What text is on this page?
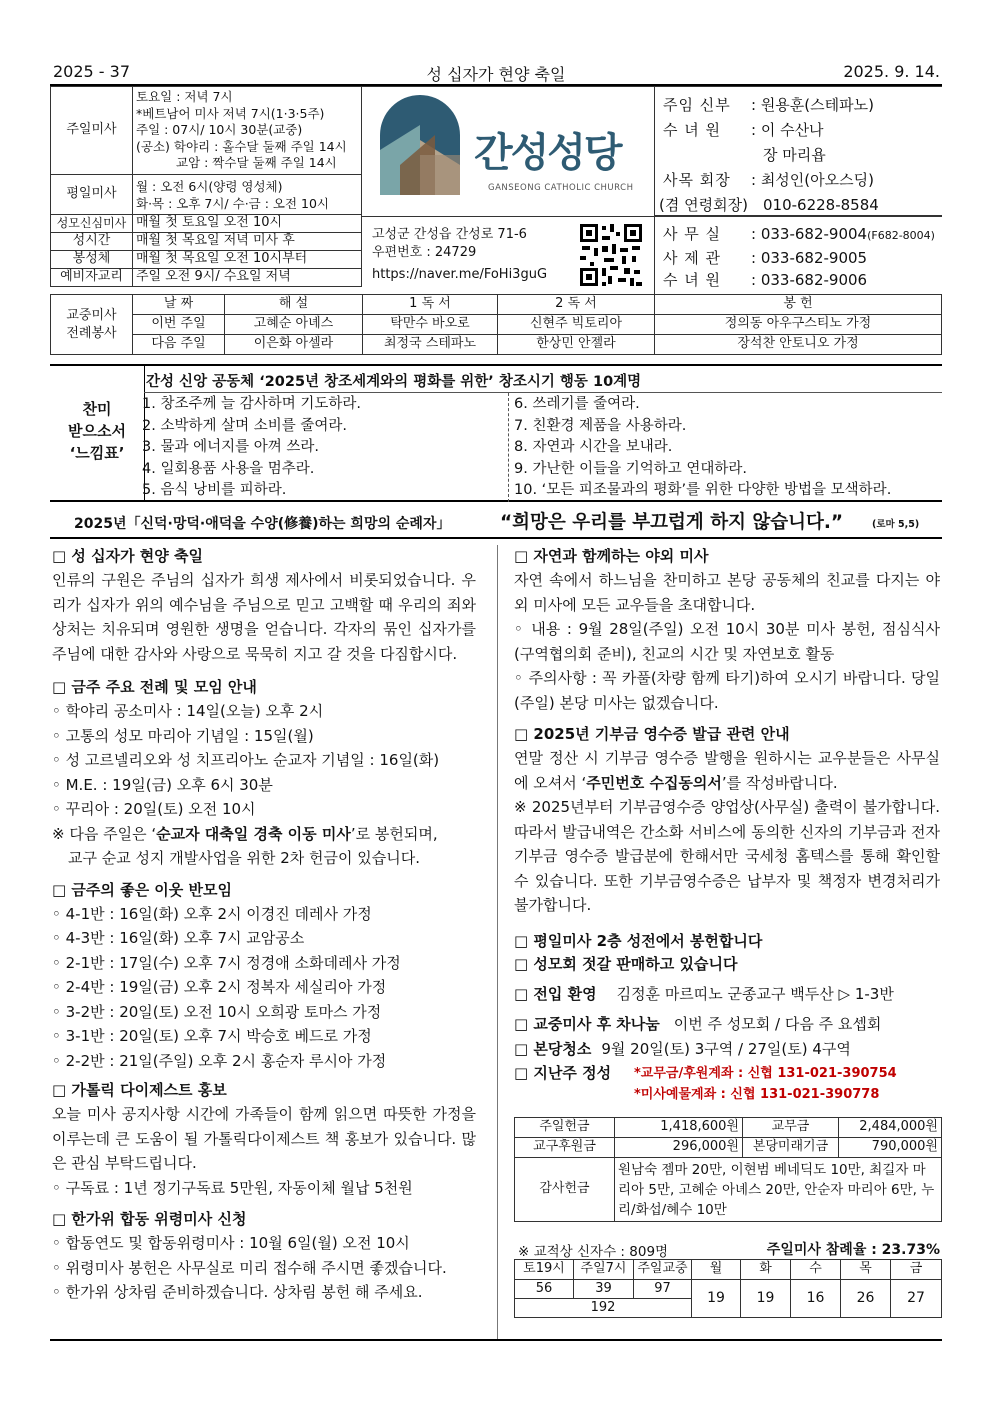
2025 - 37	성 십자가 현양 축일	2025. 9. 14.
주일미사	토요일 : 저녁 7시
*베트남어 미사 저녁 7시(1·3·5주)
주일 : 07시/ 10시 30분(교중)
(공소) 학야리 : 홀수달 둘째 주일 14시
교암 : 짝수달 둘째 주일 14시

평일미사	월 : 오전 6시(양령 영성체)
화·목 : 오후 7시/ 수·금 : 오전 10시

성모신심미사	매월 첫 토요일 오전 10시
성시간	매월 첫 목요일 저녁 미사 후
봉성체	매월 첫 목요일 오전 10시부터
예비자교리	주일 오전 9시/ 수요일 저녁
간성성당
GANSEONG CATHOLIC CHURCH
고성군 간성읍 간성로 71-6
우편번호 : 24729
https://naver.me/FoHi3guG
주임 신부 : 원용훈(스테파노)
수 녀 원 : 이 수산나
장 마리욥
사목 회장 : 최성인(아오스딩)
(겸 연령회장) 010-6228-8584
사 무 실 : 033-682-9004(F682-8004)
사 제 관 : 033-682-9005
수 녀 원 : 033-682-9006
교중미사
전례봉사	날 짜	해 설	1 독 서	2 독 서	봉 헌
	이번 주일	고혜순 아녜스	탁만수 바오로	신현주 빅토리아	정의동 아우구스티노 가정
	다음 주일	이은화 아셀라	최정국 스테파노	한상민 안젤라	장석찬 안토니오 가정
찬미
받으소서
‘느낌표’
간성 신앙 공동체 ‘2025년 창조세계와의 평화를 위한’ 창조시기 행동 10계명
1. 창조주께 늘 감사하며 기도하라.
2. 소박하게 살며 소비를 줄여라.
3. 물과 에너지를 아껴 쓰라.
4. 일회용품 사용을 멈추라.
5. 음식 낭비를 피하라.
6. 쓰레기를 줄여라.
7. 친환경 제품을 사용하라.
8. 자연과 시간을 보내라.
9. 가난한 이들을 기억하고 연대하라.
10. ‘모든 피조물과의 평화’를 위한 다양한 방법을 모색하라.
2025년「신덕·망덕·애덕을 수양(修養)하는 희망의 순례자」	“희망은 우리를 부끄럽게 하지 않습니다.”	(로마 5,5)
□ 성 십자가 현양 축일
인류의 구원은 주님의 십자가 희생 제사에서 비롯되었습니다. 우리가 십자가 위의 예수님을 주님으로 믿고 고백할 때 우리의 죄와 상처는 치유되며 영원한 생명을 얻습니다. 각자의 묶인 십자가를 주님에 대한 감사와 사랑으로 묵묵히 지고 갈 것을 다짐합시다.
□ 금주 주요 전례 및 모임 안내
◦ 학야리 공소미사 : 14일(오늘) 오후 2시
◦ 고통의 성모 마리아 기념일 : 15일(월)
◦ 성 고르넬리오와 성 치프리아노 순교자 기념일 : 16일(화)
◦ M.E. : 19일(금) 오후 6시 30분
◦ 꾸리아 : 20일(토) 오전 10시
※ 다음 주일은 ‘순교자 대축일 경축 이동 미사’로 봉헌되며,
교구 순교 성지 개발사업을 위한 2차 헌금이 있습니다.
□ 금주의 좋은 이웃 반모임
◦ 4-1반 : 16일(화) 오후 2시 이경진 데레사 가정
◦ 4-3반 : 16일(화) 오후 7시 교암공소
◦ 2-1반 : 17일(수) 오후 7시 정경애 소화데레사 가정
◦ 2-4반 : 19일(금) 오후 2시 정복자 세실리아 가정
◦ 3-2반 : 20일(토) 오전 10시 오희광 토마스 가정
◦ 3-1반 : 20일(토) 오후 7시 박승호 베드로 가정
◦ 2-2반 : 21일(주일) 오후 2시 홍순자 루시아 가정
□ 가톨릭 다이제스트 홍보
오늘 미사 공지사항 시간에 가족들이 함께 읽으면 따뜻한 가정을 이루는데 큰 도움이 될 가톨릭다이제스트 책 홍보가 있습니다. 많은 관심 부탁드립니다.
◦ 구독료 : 1년 정기구독료 5만원, 자동이체 월납 5천원
□ 한가위 합동 위령미사 신청
◦ 합동연도 및 합동위령미사 : 10월 6일(월) 오전 10시
◦ 위령미사 봉헌은 사무실로 미리 접수해 주시면 좋겠습니다.
◦ 한가위 상차림 준비하겠습니다. 상차림 봉헌 해 주세요.
□ 자연과 함께하는 야외 미사
자연 속에서 하느님을 찬미하고 본당 공동체의 친교를 다지는 야외 미사에 모든 교우들을 초대합니다.
◦ 내용 : 9월 28일(주일) 오전 10시 30분 미사 봉헌, 점심식사(구역협의회 준비), 친교의 시간 및 자연보호 활동
◦ 주의사항 : 꼭 카풀(차량 함께 타기)하여 오시기 바랍니다. 당일(주일) 본당 미사는 없겠습니다.
□ 2025년 기부금 영수증 발급 관련 안내
연말 정산 시 기부금 영수증 발행을 원하시는 교우분들은 사무실에 오셔서 ‘주민번호 수집동의서’를 작성바랍니다.
※ 2025년부터 기부금영수증 양업상(사무실) 출력이 불가합니다. 따라서 발급내역은 간소화 서비스에 동의한 신자의 기부금과 전자기부금 영수증 발급분에 한해서만 국세청 홈텍스를 통해 확인할 수 있습니다. 또한 기부금영수증은 납부자 및 책정자 변경처리가 불가합니다.
□ 평일미사 2층 성전에서 봉헌합니다
□ 성모회 젓갈 판매하고 있습니다
□ 전입 환영 김정훈 마르띠노 군종교구 백두산 ▷ 1-3반
□ 교중미사 후 차나눔 이번 주 성모회 / 다음 주 요셉회
□ 본당청소 9월 20일(토) 3구역 / 27일(토) 4구역
□ 지난주 정성 *교무금/후원계좌 : 신협 131-021-390754
*미사예물계좌 : 신협 131-021-390778
주일헌금	1,418,600원	교무금	2,484,000원
교구후원금	296,000원	본당미래기금	790,000원
감사헌금	원남숙 젬마 20만, 이현범 베네딕도 10만, 최길자 마리아 5만, 고혜순 아녜스 20만, 안순자 마리아 6만, 누리/화섭/혜수 10만		
※ 교적상 신자수 : 809명	주일미사 참례율 : 23.73%
토19시	주일7시	주일교중	월	화	수	목	금
56	39	97	19	19	16	26	27
192							
